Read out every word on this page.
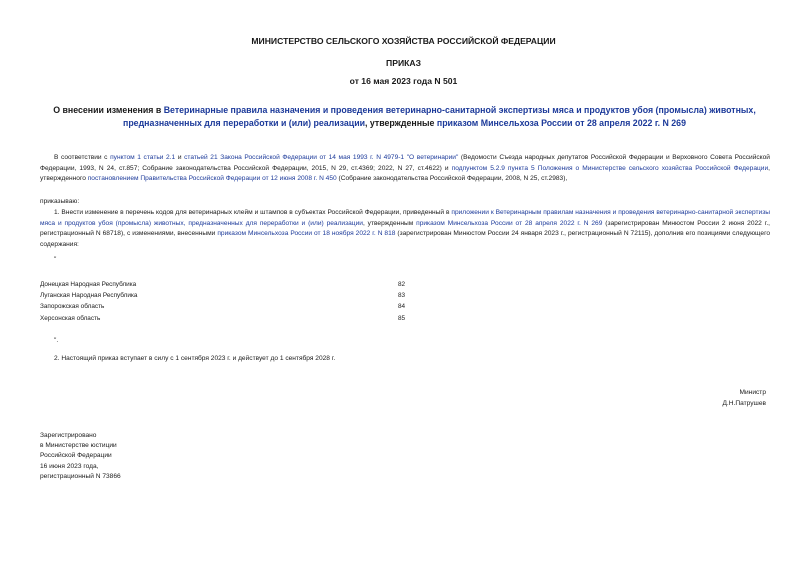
МИНИСТЕРСТВО СЕЛЬСКОГО ХОЗЯЙСТВА РОССИЙСКОЙ ФЕДЕРАЦИИ
ПРИКАЗ
от 16 мая 2023 года N 501
О внесении изменения в Ветеринарные правила назначения и проведения ветеринарно-санитарной экспертизы мяса и продуктов убоя (промысла) животных, предназначенных для переработки и (или) реализации, утвержденные приказом Минсельхоза России от 28 апреля 2022 г. N 269
В соответствии с пунктом 1 статьи 2.1 и статьей 21 Закона Российской Федерации от 14 мая 1993 г. N 4979-1 "О ветеринарии" (Ведомости Съезда народных депутатов Российской Федерации и Верховного Совета Российской Федерации, 1993, N 24, ст.857; Собрание законодательства Российской Федерации, 2015, N 29, ст.4369; 2022, N 27, ст.4622) и подпунктом 5.2.9 пункта 5 Положения о Министерстве сельского хозяйства Российской Федерации, утвержденного постановлением Правительства Российской Федерации от 12 июня 2008 г. N 450 (Собрание законодательства Российской Федерации, 2008, N 25, ст.2983),
приказываю:
1. Внести изменение в перечень кодов для ветеринарных клейм и штампов в субъектах Российской Федерации, приведенный в приложении к Ветеринарным правилам назначения и проведения ветеринарно-санитарной экспертизы мяса и продуктов убоя (промысла) животных, предназначенных для переработки и (или) реализации, утвержденным приказом Минсельхоза России от 28 апреля 2022 г. N 269 (зарегистрирован Минюстом России 2 июня 2022 г., регистрационный N 68718), с изменениями, внесенными приказом Минсельхоза России от 18 ноября 2022 г. N 818 (зарегистрирован Минюстом России 24 января 2023 г., регистрационный N 72115), дополнив его позициями следующего содержания:
"
Донецкая Народная Республика	82
Луганская Народная Республика	83
Запорожская область	84
Херсонская область	85
".
2. Настоящий приказ вступает в силу с 1 сентября 2023 г. и действует до 1 сентября 2028 г.
Министр
Д.Н.Патрушев
Зарегистрировано
в Министерстве юстиции
Российской Федерации
16 июня 2023 года,
регистрационный N 73866
